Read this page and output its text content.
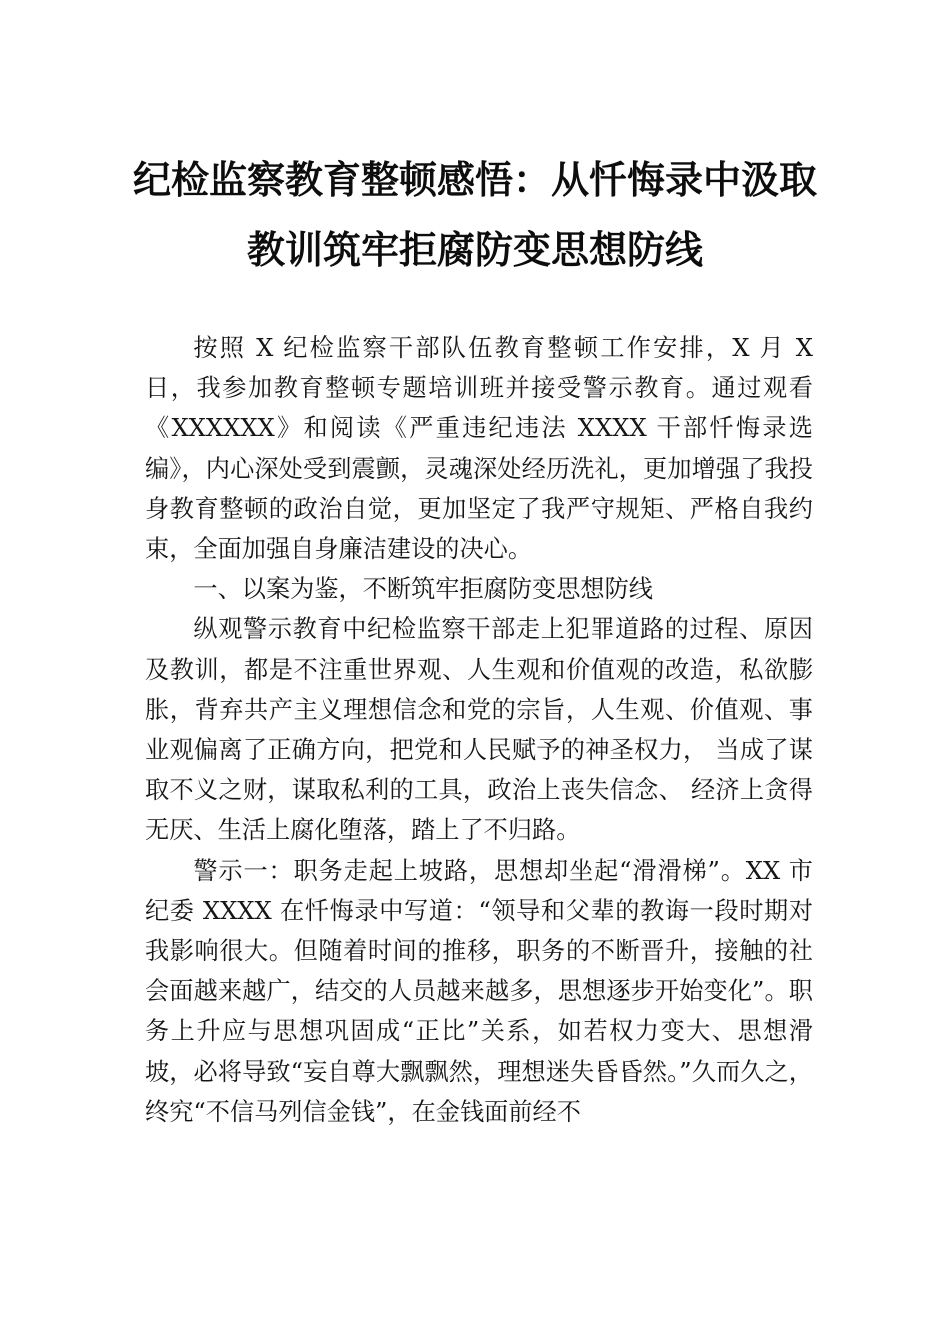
纪检监察教育整顿感悟：从忏悔录中汲取
教训筑牢拒腐防变思想防线

按照 X 纪检监察干部队伍教育整顿工作安排，X 月 X 日，我参加教育整顿专题培训班并接受警示教育。通过观看《XXXXXX》和阅读《严重违纪违法 XXXX 干部忏悔录选编》，内心深处受到震颤，灵魂深处经历洗礼，更加增强了我投身教育整顿的政治自觉，更加坚定了我严守规矩、严格自我约束，全面加强自身廉洁建设的决心。

一、以案为鉴，不断筑牢拒腐防变思想防线

纵观警示教育中纪检监察干部走上犯罪道路的过程、原因及教训，都是不注重世界观、人生观和价值观的改造，私欲膨胀，背弃共产主义理想信念和党的宗旨，人生观、价值观、事业观偏离了正确方向，把党和人民赋予的神圣权力， 当成了谋取不义之财，谋取私利的工具，政治上丧失信念、 经济上贪得无厌、生活上腐化堕落，踏上了不归路。

警示一：职务走起上坡路，思想却坐起“滑滑梯”。XX 市纪委 XXXX 在忏悔录中写道：“领导和父辈的教诲一段时期对我影响很大。但随着时间的推移，职务的不断晋升，接触的社会面越来越广，结交的人员越来越多，思想逐步开始变化”。职务上升应与思想巩固成“正比”关系，如若权力变大、思想滑坡，必将导致“妄自尊大飘飘然，理想迷失昏昏然。”久而久之，终究“不信马列信金钱”，在金钱面前经不
